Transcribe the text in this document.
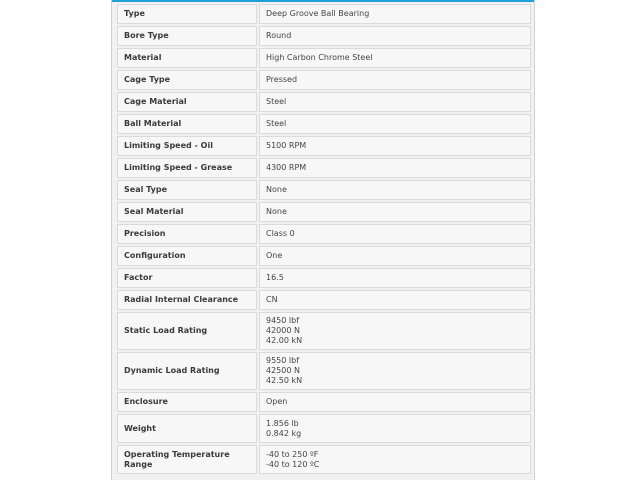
Type	Deep Groove Ball Bearing
Bore Type	Round
Material	High Carbon Chrome Steel
Cage Type	Pressed
Cage Material	Steel
Ball Material	Steel
Limiting Speed - Oil	5100 RPM
Limiting Speed - Grease	4300 RPM
Seal Type	None
Seal Material	None
Precision	Class 0
Configuration	One
Factor	16.5
Radial Internal Clearance	CN
Static Load Rating	9450 lbf
42000 N
42.00 kN
Dynamic Load Rating	9550 lbf
42500 N
42.50 kN
Enclosure	Open
Weight	1.856 lb
0.842 kg
Operating Temperature Range	-40 to 250 ºF
-40 to 120 ºC
